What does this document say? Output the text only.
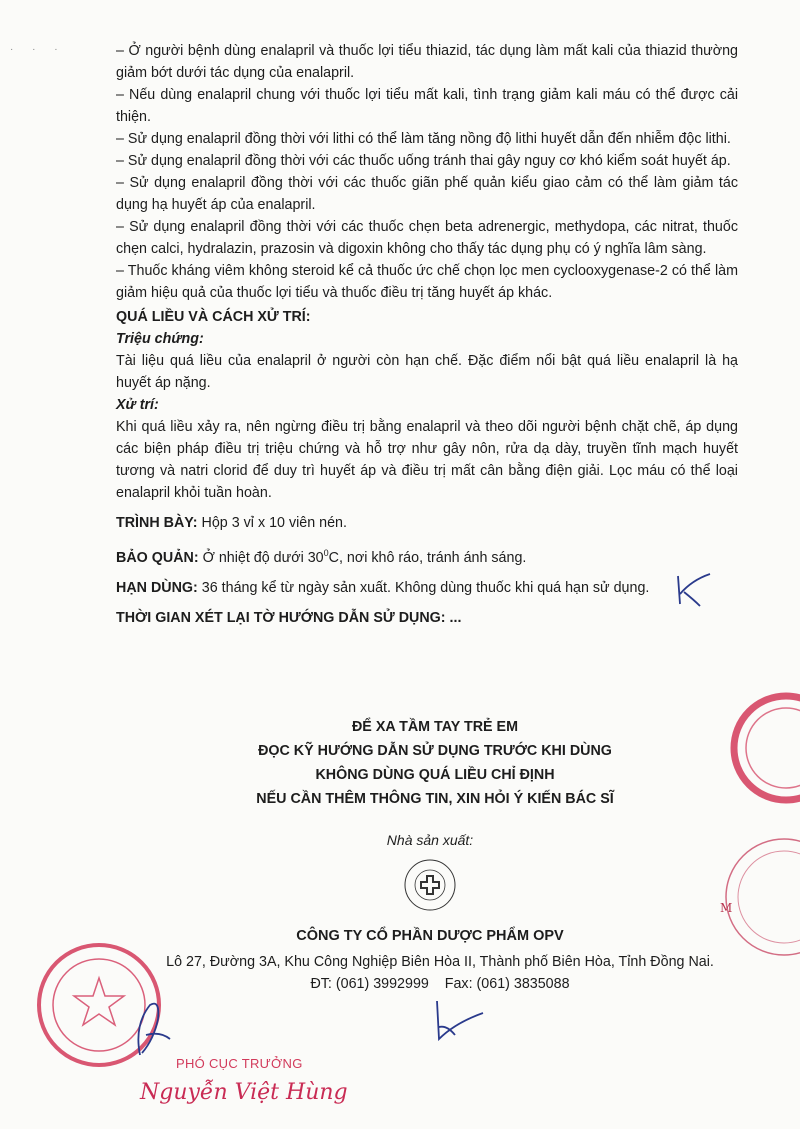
· · ·	– Ở người bệnh dùng enalapril và thuốc lợi tiểu thiazid, tác dụng làm mất kali của thiazid thường giảm bớt dưới tác dụng của enalapril.

– Nếu dùng enalapril chung với thuốc lợi tiểu mất kali, tình trạng giảm kali máu có thể được cải thiện.

– Sử dụng enalapril đồng thời với lithi có thể làm tăng nồng độ lithi huyết dẫn đến nhiễm độc lithi.

– Sử dụng enalapril đồng thời với các thuốc uống tránh thai gây nguy cơ khó kiểm soát huyết áp.

– Sử dụng enalapril đồng thời với các thuốc giãn phế quản kiểu giao cảm có thể làm giảm tác dụng hạ huyết áp của enalapril.

– Sử dụng enalapril đồng thời với các thuốc chẹn beta adrenergic, methydopa, các nitrat, thuốc chẹn calci, hydralazin, prazosin và digoxin không cho thấy tác dụng phụ có ý nghĩa lâm sàng.

– Thuốc kháng viêm không steroid kể cả thuốc ức chế chọn lọc men cyclooxygenase-2 có thể làm giảm hiệu quả của thuốc lợi tiểu và thuốc điều trị tăng huyết áp khác.

QUÁ LIỀU VÀ CÁCH XỬ TRÍ:

Triệu chứng:

Tài liệu quá liều của enalapril ở người còn hạn chế. Đặc điểm nổi bật quá liều enalapril là hạ huyết áp nặng.

Xử trí:

Khi quá liều xảy ra, nên ngừng điều trị bằng enalapril và theo dõi người bệnh chặt chẽ, áp dụng các biện pháp điều trị triệu chứng và hỗ trợ như gây nôn, rửa dạ dày, truyền tĩnh mạch huyết tương và natri clorid để duy trì huyết áp và điều trị mất cân bằng điện giải. Lọc máu có thể loại enalapril khỏi tuần hoàn.

TRÌNH BÀY: Hộp 3 vỉ x 10 viên nén.

BẢO QUẢN: Ở nhiệt độ dưới $30^0C$, nơi khô ráo, tránh ánh sáng.

HẠN DÙNG: 36 tháng kể từ ngày sản xuất. Không dùng thuốc khi quá hạn sử dụng.

THỜI GIAN XÉT LẠI TỜ HƯỚNG DẪN SỬ DỤNG: ...

ĐỂ XA TẦM TAY TRẺ EM
ĐỌC KỸ HƯỚNG DẪN SỬ DỤNG TRƯỚC KHI DÙNG
KHÔNG DÙNG QUÁ LIỀU CHỈ ĐỊNH
NẾU CẦN THÊM THÔNG TIN, XIN HỎI Ý KIẾN BÁC SĨ
Nhà sản xuất:
CÔNG TY CỔ PHẦN DƯỢC PHẨM OPV
Lô 27, Đường 3A, Khu Công Nghiệp Biên Hòa II, Thành phố Biên Hòa, Tỉnh Đồng Nai.
ĐT: (061) 3992999    Fax: (061) 3835088
M
PHÓ CỤC TRƯỞNG
Nguyễn Việt Hùng
